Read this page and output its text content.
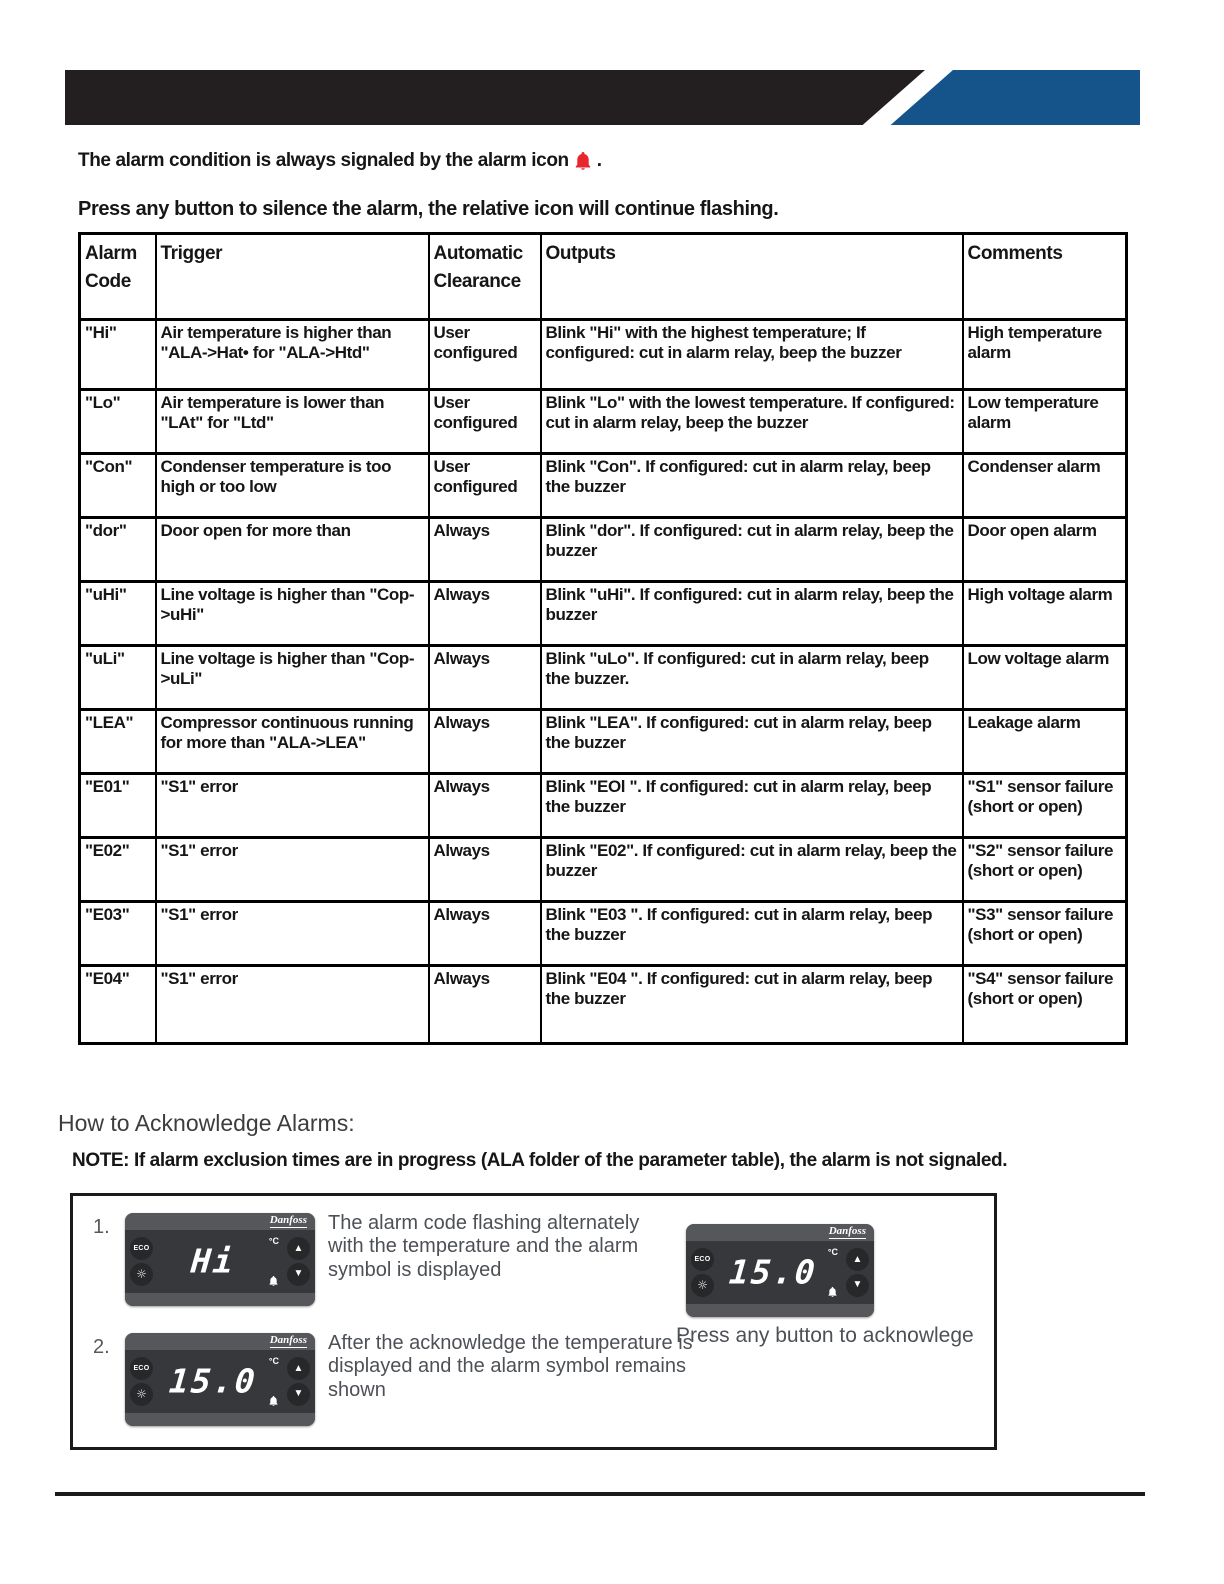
The alarm condition is always signaled by the alarm icon .
Press any button to silence the alarm, the relative icon will continue flashing.
Alarm Code	Trigger	Automatic Clearance	Outputs	Comments
"Hi"	Air temperature is higher than "ALA->Hat• for "ALA->Htd"	User configured	Blink "Hi" with the highest temperature; If configured: cut in alarm relay, beep the buzzer	High temperature alarm
"Lo"	Air temperature is lower than "LAt" for "Ltd"	User configured	Blink "Lo" with the lowest temperature. If configured: cut in alarm relay, beep the buzzer	Low temperature alarm
"Con"	Condenser temperature is too high or too low	User configured	Blink "Con". If configured: cut in alarm relay, beep the buzzer	Condenser alarm
"dor"	Door open for more than	Always	Blink "dor". If configured: cut in alarm relay, beep the buzzer	Door open alarm
"uHi"	Line voltage is higher than "Cop->uHi"	Always	Blink "uHi". If configured: cut in alarm relay, beep the buzzer	High voltage alarm
"uLi"	Line voltage is higher than "Cop->uLi"	Always	Blink "uLo". If configured: cut in alarm relay, beep the buzzer.	Low voltage alarm
"LEA"	Compressor continuous running for more than "ALA->LEA"	Always	Blink "LEA". If configured: cut in alarm relay, beep the buzzer	Leakage alarm
"E01"	"S1" error	Always	Blink "EOl ". If configured: cut in alarm relay, beep the buzzer	"S1" sensor failure (short or open)
"E02"	"S1" error	Always	Blink "E02". If configured: cut in alarm relay, beep the buzzer	"S2" sensor failure (short or open)
"E03"	"S1" error	Always	Blink "E03 ". If configured: cut in alarm relay, beep the buzzer	"S3" sensor failure (short or open)
"E04"	"S1" error	Always	Blink "E04 ". If configured: cut in alarm relay, beep the buzzer	"S4" sensor failure (short or open)
How to Acknowledge Alarms:
NOTE: If alarm exclusion times are in progress (ALA folder of the parameter table), the alarm is not signaled.
1.	Danfoss
ECO
☼	Hi
°C
▲
▼
The alarm code flashing alternately with the temperature and the alarm symbol is displayed
Danfoss
ECO
☼ 15.0
°C
▲
▼
Press any button to acknowlege
2.	Danfoss
ECO
☼ 15.0
°C
▲
▼
After the acknowledge the temperature is displayed and the alarm symbol remains shown
